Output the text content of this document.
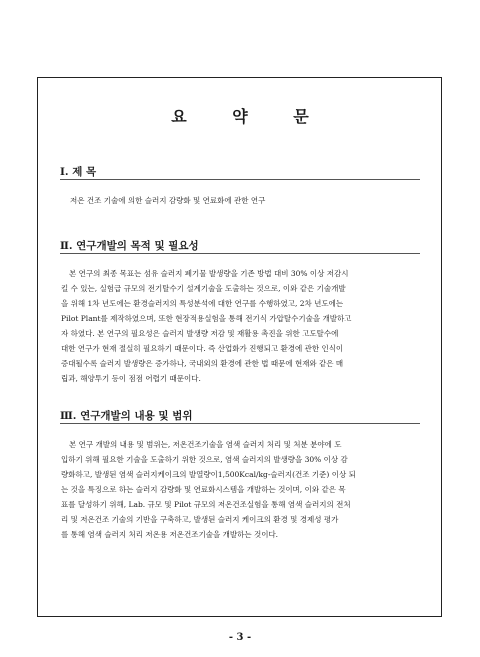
요 약 문
Ⅰ. 제 목
저온 건조 기술에 의한 슬러지 감량화 및 연료화에 관한 연구
Ⅱ. 연구개발의 목적 및 필요성
본 연구의 최종 목표는 섬유 슬러지 폐기물 발생량을 기존 방법 대비 30% 이상 저감시
킬 수 있는, 실험급 규모의 전기탈수기 설계기술을 도출하는 것으로, 이와 같은 기술개발
을 위해 1차 년도에는 환경슬러지의 특성분석에 대한 연구를 수행하였고, 2차 년도에는
Pilot Plant를 제작하였으며, 또한 현장적용실험을 통해 전기식 가압탈수기술을 개발하고
자 하였다. 본 연구의 필요성은 슬러지 발생량 저감 및 재활용 촉진을 위한 고도탈수에
대한 연구가 현재 절실히 필요하기 때문이다. 즉 산업화가 진행되고 환경에 관한 인식이
증대될수록 슬러지 발생량은 증가하나, 국내외의 환경에 관한 법 때문에 현재와 같은 매
립과, 해양투기 등이 점점 어렵기 때문이다.
Ⅲ. 연구개발의 내용 및 범위
본 연구 개발의 내용 및 범위는, 저온건조기술을 염색 슬러지 처리 및 처분 분야에 도
입하기 위해 필요한 기술을 도출하기 위한 것으로, 염색 슬러지의 발생량을 30% 이상 감
량화하고, 발생된 염색 슬러지케이크의 발열량이1,500Kcal/kg-슬러지(건조 기준) 이상 되
는 것을 특징으로 하는 슬러지 감량화 및 연료화시스템을 개발하는 것이며, 이와 같은 목
표를 달성하기 위해, Lab. 규모 및 Pilot 규모의 저온건조실험을 통해 염색 슬러지의 전처
리 및 저온건조 기술의 기반을 구축하고, 발생된 슬러지 케이크의 환경 및 경제성 평가
를 통해 염색 슬러지 처리 저온용 저온건조기술을 개발하는 것이다.
- 3 -
